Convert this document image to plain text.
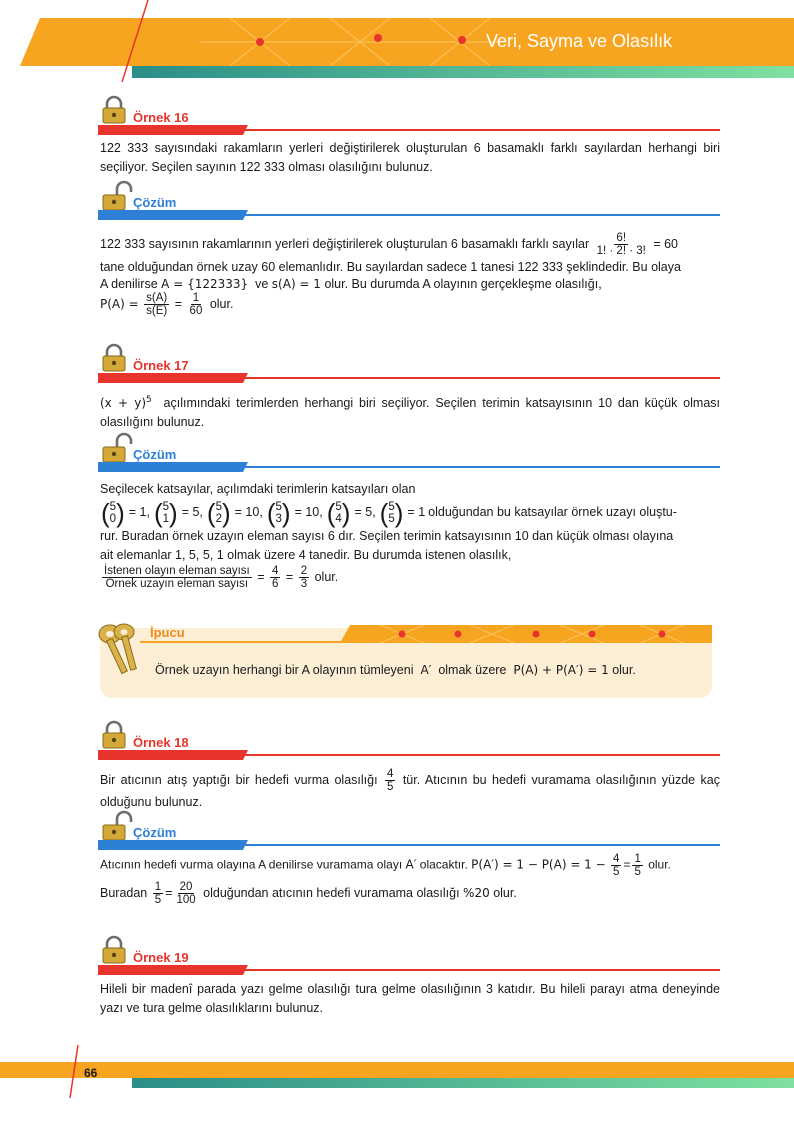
Veri, Sayma ve Olasılık
Örnek 16
122 333 sayısındaki rakamların yerleri değiştirilerek oluşturulan 6 basamaklı farklı sayılardan herhangi biri seçiliyor. Seçilen sayının 122 333 olması olasılığını bulunuz.
Çözüm
122 333 sayısının rakamlarının yerleri değiştirilerek oluşturulan 6 basamaklı farklı sayılar $\frac{6!}{1! \cdot 2! \cdot 3!} = 60$
tane olduğundan örnek uzay 60 elemanlıdır. Bu sayılardan sadece 1 tanesi 122 333 şeklindedir. Bu olaya
A denilirse A = {122333} ve s(A) = 1 olur. Bu durumda A olayının gerçekleşme olasılığı,
$P(A) = \frac{s(A)}{s(E)} = \frac{1}{60}$ olur.
Örnek 17
$(x + y)^5$ açılımındaki terimlerden herhangi biri seçiliyor. Seçilen terimin katsayısının 10 dan küçük olması olasılığını bulunuz.
Çözüm
Seçilecek katsayılar, açılımdaki terimlerin katsayıları olan
( 5
0 ) = 1, ( 5
1 ) = 5, ( 5
2 ) = 10, ( 5
3 ) = 10, ( 5
4 ) = 5, ( 5
5 ) = 1 olduğundan bu katsayılar örnek uzayı oluştu-
rur. Buradan örnek uzayın eleman sayısı 6 dır. Seçilen terimin katsayısının 10 dan küçük olması olayına
ait elemanlar 1, 5, 5, 1 olmak üzere 4 tanedir. Bu durumda istenen olasılık,
$\frac{\text{İstenen olayın eleman sayısı}}{\text{Örnek uzayın eleman sayısı}} = \frac{4}{6} = \frac{2}{3}$ olur.
İpucu
Örnek uzayın herhangi bir A olayının tümleyeni A′ olmak üzere P(A) + P(A′) = 1 olur.
Örnek 18
Bir atıcının atış yaptığı bir hedefi vurma olasılığı $\frac{4}{5}$ tür. Atıcının bu hedefi vuramama olasılığının yüzde kaç olduğunu bulunuz.
Çözüm
Atıcının hedefi vurma olayına A denilirse vuramama olayı A′ olacaktır. $P(A') = 1 - P(A) = 1 - \frac{4}{5} = \frac{1}{5}$ olur.
Buradan $\frac{1}{5} = \frac{20}{100}$ olduğundan atıcının hedefi vuramama olasılığı %20 olur.
Örnek 19
Hileli bir madenî parada yazı gelme olasılığı tura gelme olasılığının 3 katıdır. Bu hileli parayı atma deneyinde yazı ve tura gelme olasılıklarını bulunuz.
66
